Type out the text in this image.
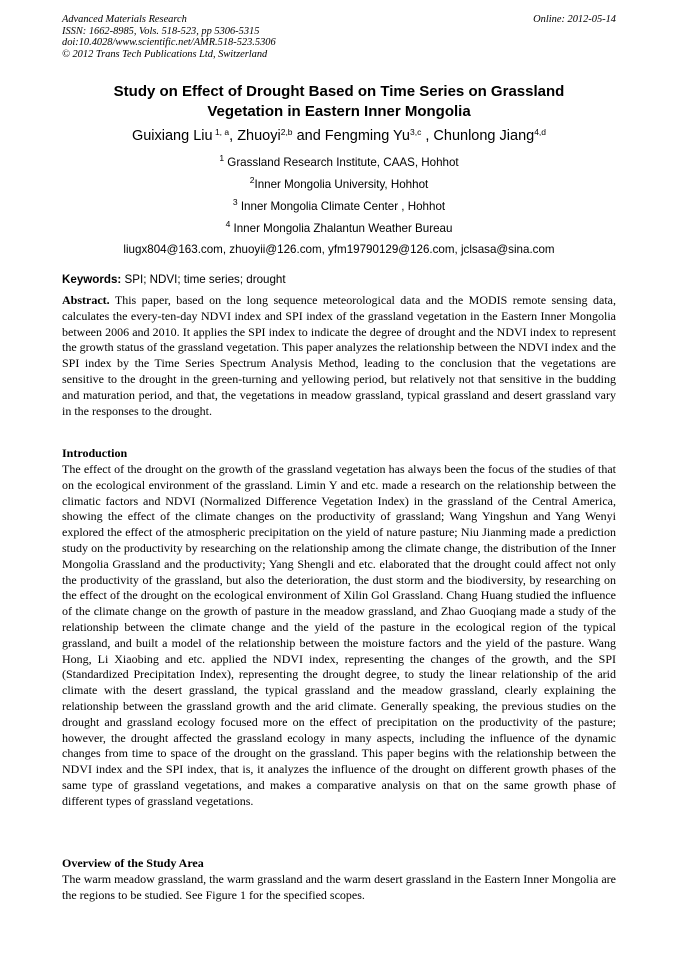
Advanced Materials Research
ISSN: 1662-8985, Vols. 518-523, pp 5306-5315
doi:10.4028/www.scientific.net/AMR.518-523.5306
© 2012 Trans Tech Publications Ltd, Switzerland
Online: 2012-05-14
Study on Effect of Drought Based on Time Series on Grassland
Vegetation in Eastern Inner Mongolia
Guixiang Liu $^{1, a}$, Zhuoyi$^{2,b}$ and Fengming Yu$^{3,c}$ , Chunlong Jiang$^{4,d}$
$^1$ Grassland Research Institute, CAAS, Hohhot
$^2$Inner Mongolia University, Hohhot
$^3$ Inner Mongolia Climate Center , Hohhot
$^4$ Inner Mongolia Zhalantun Weather Bureau
liugx804@163.com, zhuoyii@126.com, yfm19790129@126.com, jclsasa@sina.com
Keywords: SPI; NDVI; time series; drought
Abstract. This paper, based on the long sequence meteorological data and the MODIS remote sensing data, calculates the every-ten-day NDVI index and SPI index of the grassland vegetation in the Eastern Inner Mongolia between 2006 and 2010. It applies the SPI index to indicate the degree of drought and the NDVI index to represent the growth status of the grassland vegetation. This paper analyzes the relationship between the NDVI index and the SPI index by the Time Series Spectrum Analysis Method, leading to the conclusion that the vegetations are sensitive to the drought in the green-turning and yellowing period, but relatively not that sensitive in the budding and maturation period, and that, the vegetations in meadow grassland, typical grassland and desert grassland vary in the responses to the drought.
Introduction
The effect of the drought on the growth of the grassland vegetation has always been the focus of the studies of that on the ecological environment of the grassland. Limin Y and etc. made a research on the relationship between the climatic factors and NDVI (Normalized Difference Vegetation Index) in the grassland of the Central America, showing the effect of the climate changes on the productivity of grassland; Wang Yingshun and Yang Wenyi explored the effect of the atmospheric precipitation on the yield of nature pasture; Niu Jianming made a prediction study on the productivity by researching on the relationship among the climate change, the distribution of the Inner Mongolia Grassland and the productivity; Yang Shengli and etc. elaborated that the drought could affect not only the productivity of the grassland, but also the deterioration, the dust storm and the biodiversity, by researching on the effect of the drought on the ecological environment of Xilin Gol Grassland. Chang Huang studied the influence of the climate change on the growth of pasture in the meadow grassland, and Zhao Guoqiang made a study of the relationship between the climate change and the yield of the pasture in the ecological region of the typical grassland, and built a model of the relationship between the moisture factors and the yield of the pasture. Wang Hong, Li Xiaobing and etc. applied the NDVI index, representing the changes of the growth, and the SPI (Standardized Precipitation Index), representing the drought degree, to study the linear relationship of the arid climate with the desert grassland, the typical grassland and the meadow grassland, clearly explaining the relationship between the grassland growth and the arid climate. Generally speaking, the previous studies on the drought and grassland ecology focused more on the effect of precipitation on the productivity of the pasture; however, the drought affected the grassland ecology in many aspects, including the influence of the dynamic changes from time to space of the drought on the grassland. This paper begins with the relationship between the NDVI index and the SPI index, that is, it analyzes the influence of the drought on different growth phases of the same type of grassland vegetations, and makes a comparative analysis on that on the same growth phase of different types of grassland vegetations.
Overview of the Study Area
The warm meadow grassland, the warm grassland and the warm desert grassland in the Eastern Inner Mongolia are the regions to be studied. See Figure 1 for the specified scopes.
